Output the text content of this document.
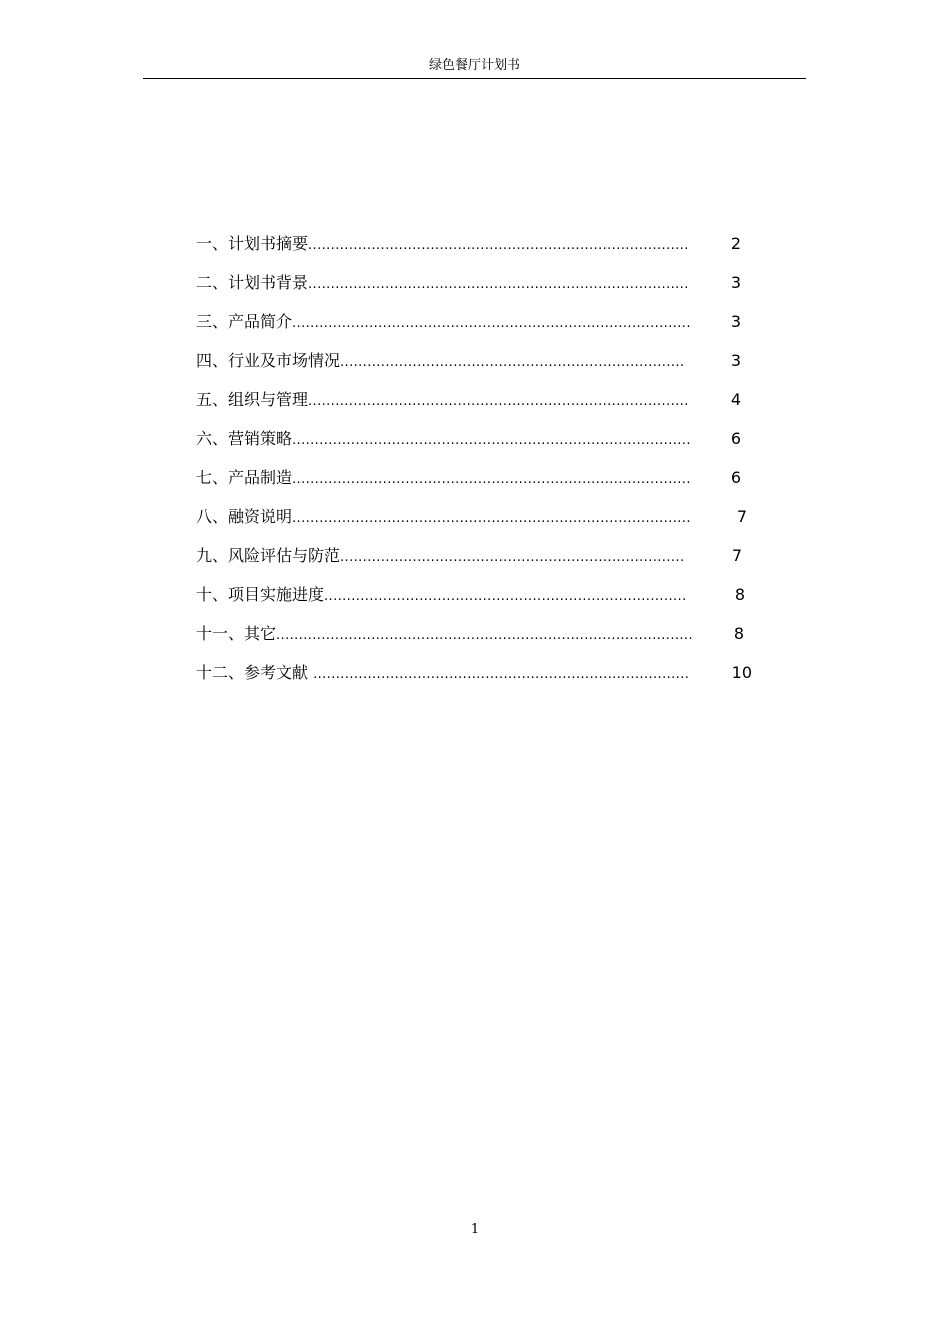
绿色餐厅计划书
一、计划书摘要 ....................................................................................	2
二、计划书背景 ....................................................................................	3
三、产品简介 ........................................................................................	3
四、行业及市场情况 ............................................................................	3
五、组织与管理 ....................................................................................	4
六、营销策略 ........................................................................................	6
七、产品制造 ........................................................................................	6
八、融资说明 ........................................................................................	7
九、风险评估与防范 ............................................................................	7
十、项目实施进度 ................................................................................	8
十一、其它 ............................................................................................	8
十二、参考文献 ...................................................................................	10
1
